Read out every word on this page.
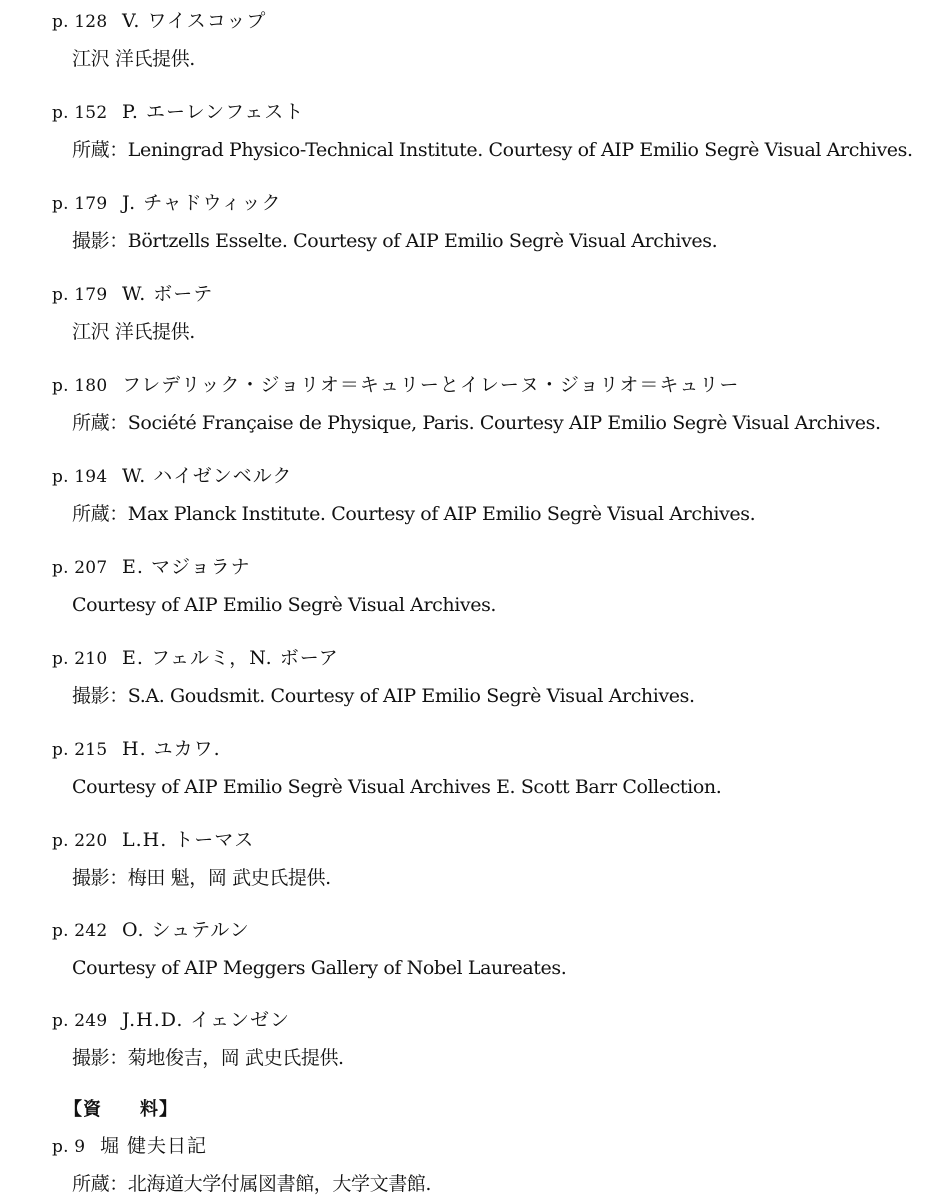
p. 128 V. ワイスコップ
江沢 洋氏提供.
p. 152 P. エーレンフェスト
所蔵：Leningrad Physico-Technical Institute. Courtesy of AIP Emilio Segrè Visual Archives.
p. 179 J. チャドウィック
撮影：Börtzells Esselte. Courtesy of AIP Emilio Segrè Visual Archives.
p. 179 W. ボーテ
江沢 洋氏提供.
p. 180 フレデリック・ジョリオ＝キュリーとイレーヌ・ジョリオ＝キュリー
所蔵：Société Française de Physique, Paris. Courtesy AIP Emilio Segrè Visual Archives.
p. 194 W. ハイゼンベルク
所蔵：Max Planck Institute. Courtesy of AIP Emilio Segrè Visual Archives.
p. 207 E. マジョラナ
Courtesy of AIP Emilio Segrè Visual Archives.
p. 210 E. フェルミ，N. ボーア
撮影：S.A. Goudsmit. Courtesy of AIP Emilio Segrè Visual Archives.
p. 215 H. ユカワ.
Courtesy of AIP Emilio Segrè Visual Archives E. Scott Barr Collection.
p. 220 L.H. トーマス
撮影：梅田 魁，岡 武史氏提供.
p. 242 O. シュテルン
Courtesy of AIP Meggers Gallery of Nobel Laureates.
p. 249 J.H.D. イェンゼン
撮影：菊地俊吉，岡 武史氏提供.
【資　　料】
p. 9 堀 健夫日記
所蔵：北海道大学付属図書館，大学文書館.
